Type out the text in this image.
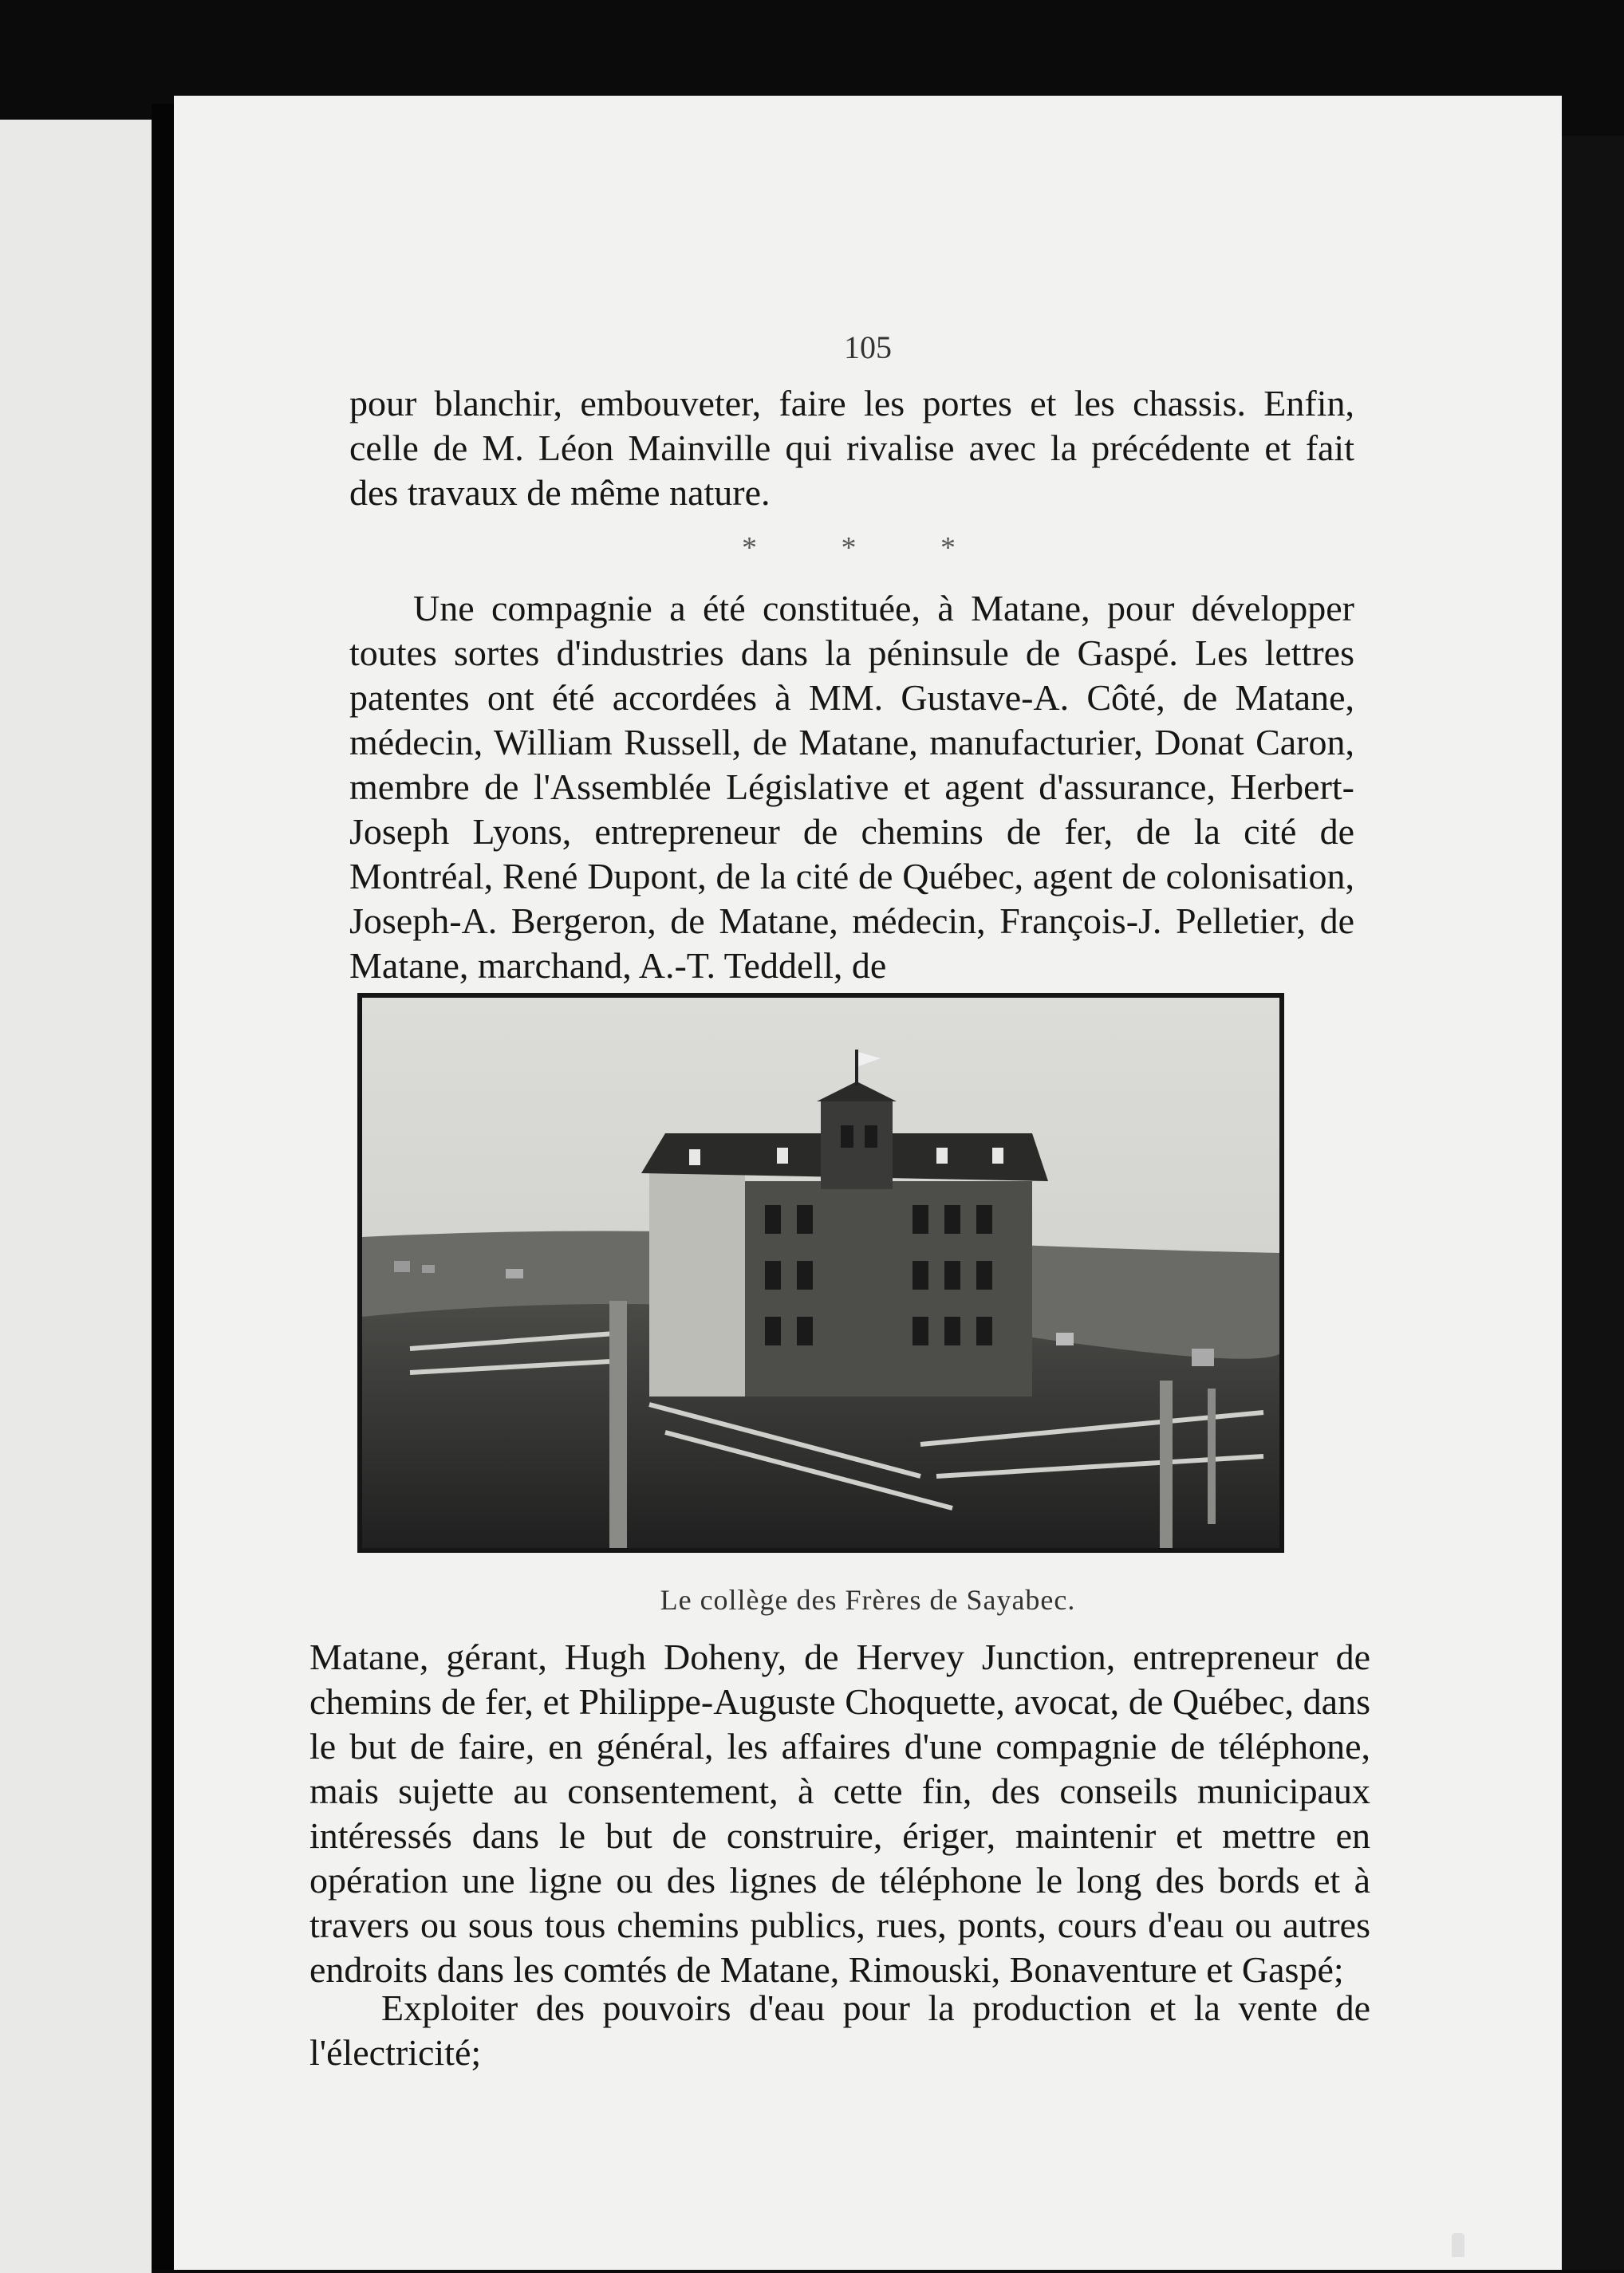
105

pour blanchir, embouveter, faire les portes et les chassis. Enfin, celle de M. Léon Mainville qui rivalise avec la précédente et fait des travaux de même nature.

* * *

Une compagnie a été constituée, à Matane, pour développer toutes sortes d'industries dans la péninsule de Gaspé. Les lettres patentes ont été accordées à MM. Gustave-A. Côté, de Matane, médecin, William Russell, de Matane, manufacturier, Donat Caron, membre de l'Assemblée Législative et agent d'assurance, Herbert-Joseph Lyons, entrepreneur de chemins de fer, de la cité de Montréal, René Dupont, de la cité de Québec, agent de colonisation, Joseph-A. Bergeron, de Matane, médecin, François-J. Pelletier, de Matane, marchand, A.-T. Teddell, de

Le collège des Frères de Sayabec.

Matane, gérant, Hugh Doheny, de Hervey Junction, entrepreneur de chemins de fer, et Philippe-Auguste Choquette, avocat, de Québec, dans le but de faire, en général, les affaires d'une compagnie de téléphone, mais sujette au consentement, à cette fin, des conseils municipaux intéressés dans le but de construire, ériger, maintenir et mettre en opération une ligne ou des lignes de téléphone le long des bords et à travers ou sous tous chemins publics, rues, ponts, cours d'eau ou autres endroits dans les comtés de Matane, Rimouski, Bonaventure et Gaspé;

Exploiter des pouvoirs d'eau pour la production et la vente de l'électricité;
